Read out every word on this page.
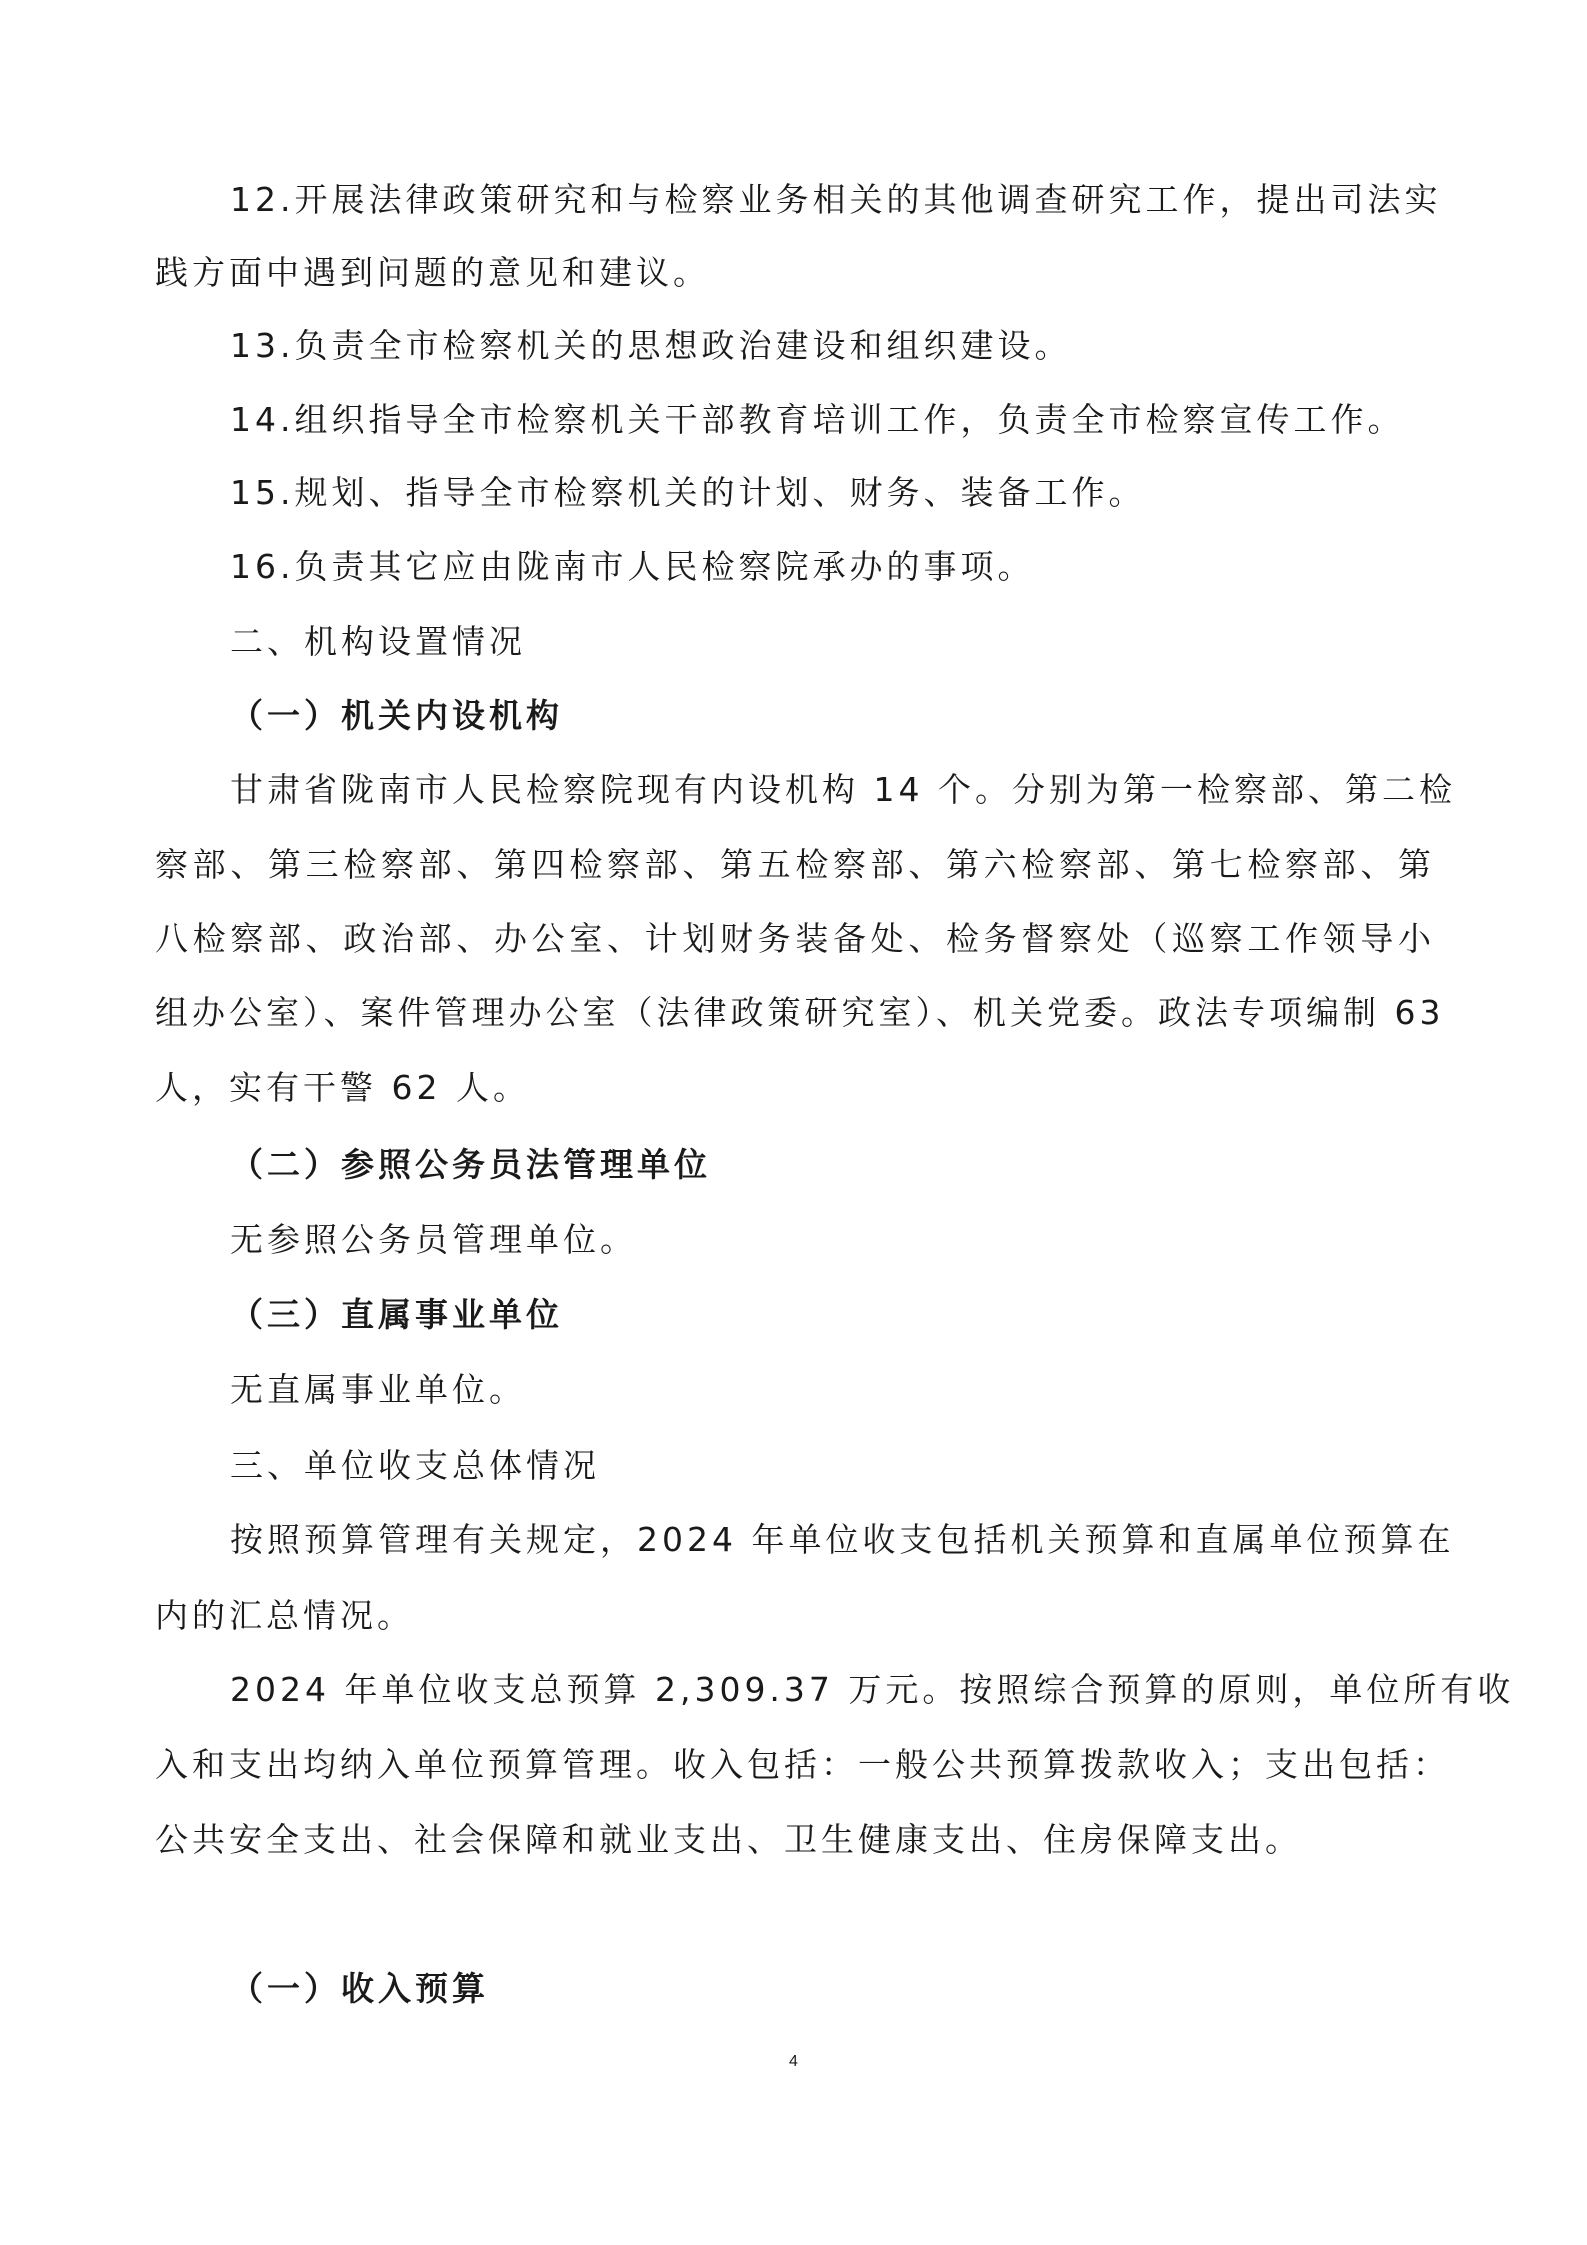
12.开展法律政策研究和与检察业务相关的其他调查研究工作，提出司法实
践方面中遇到问题的意见和建议。
13.负责全市检察机关的思想政治建设和组织建设。
14.组织指导全市检察机关干部教育培训工作，负责全市检察宣传工作。
15.规划、指导全市检察机关的计划、财务、装备工作。
16.负责其它应由陇南市人民检察院承办的事项。
二、机构设置情况
（一）机关内设机构
甘肃省陇南市人民检察院现有内设机构 14 个。分别为第一检察部、第二检
察部、第三检察部、第四检察部、第五检察部、第六检察部、第七检察部、第
八检察部、政治部、办公室、计划财务装备处、检务督察处（巡察工作领导小
组办公室）、案件管理办公室（法律政策研究室）、机关党委。政法专项编制 63
人，实有干警 62 人。
（二）参照公务员法管理单位
无参照公务员管理单位。
（三）直属事业单位
无直属事业单位。
三、单位收支总体情况
按照预算管理有关规定，2024 年单位收支包括机关预算和直属单位预算在
内的汇总情况。
2024 年单位收支总预算 2,309.37 万元。按照综合预算的原则，单位所有收
入和支出均纳入单位预算管理。收入包括：一般公共预算拨款收入；支出包括：
公共安全支出、社会保障和就业支出、卫生健康支出、住房保障支出。
（一）收入预算
4
